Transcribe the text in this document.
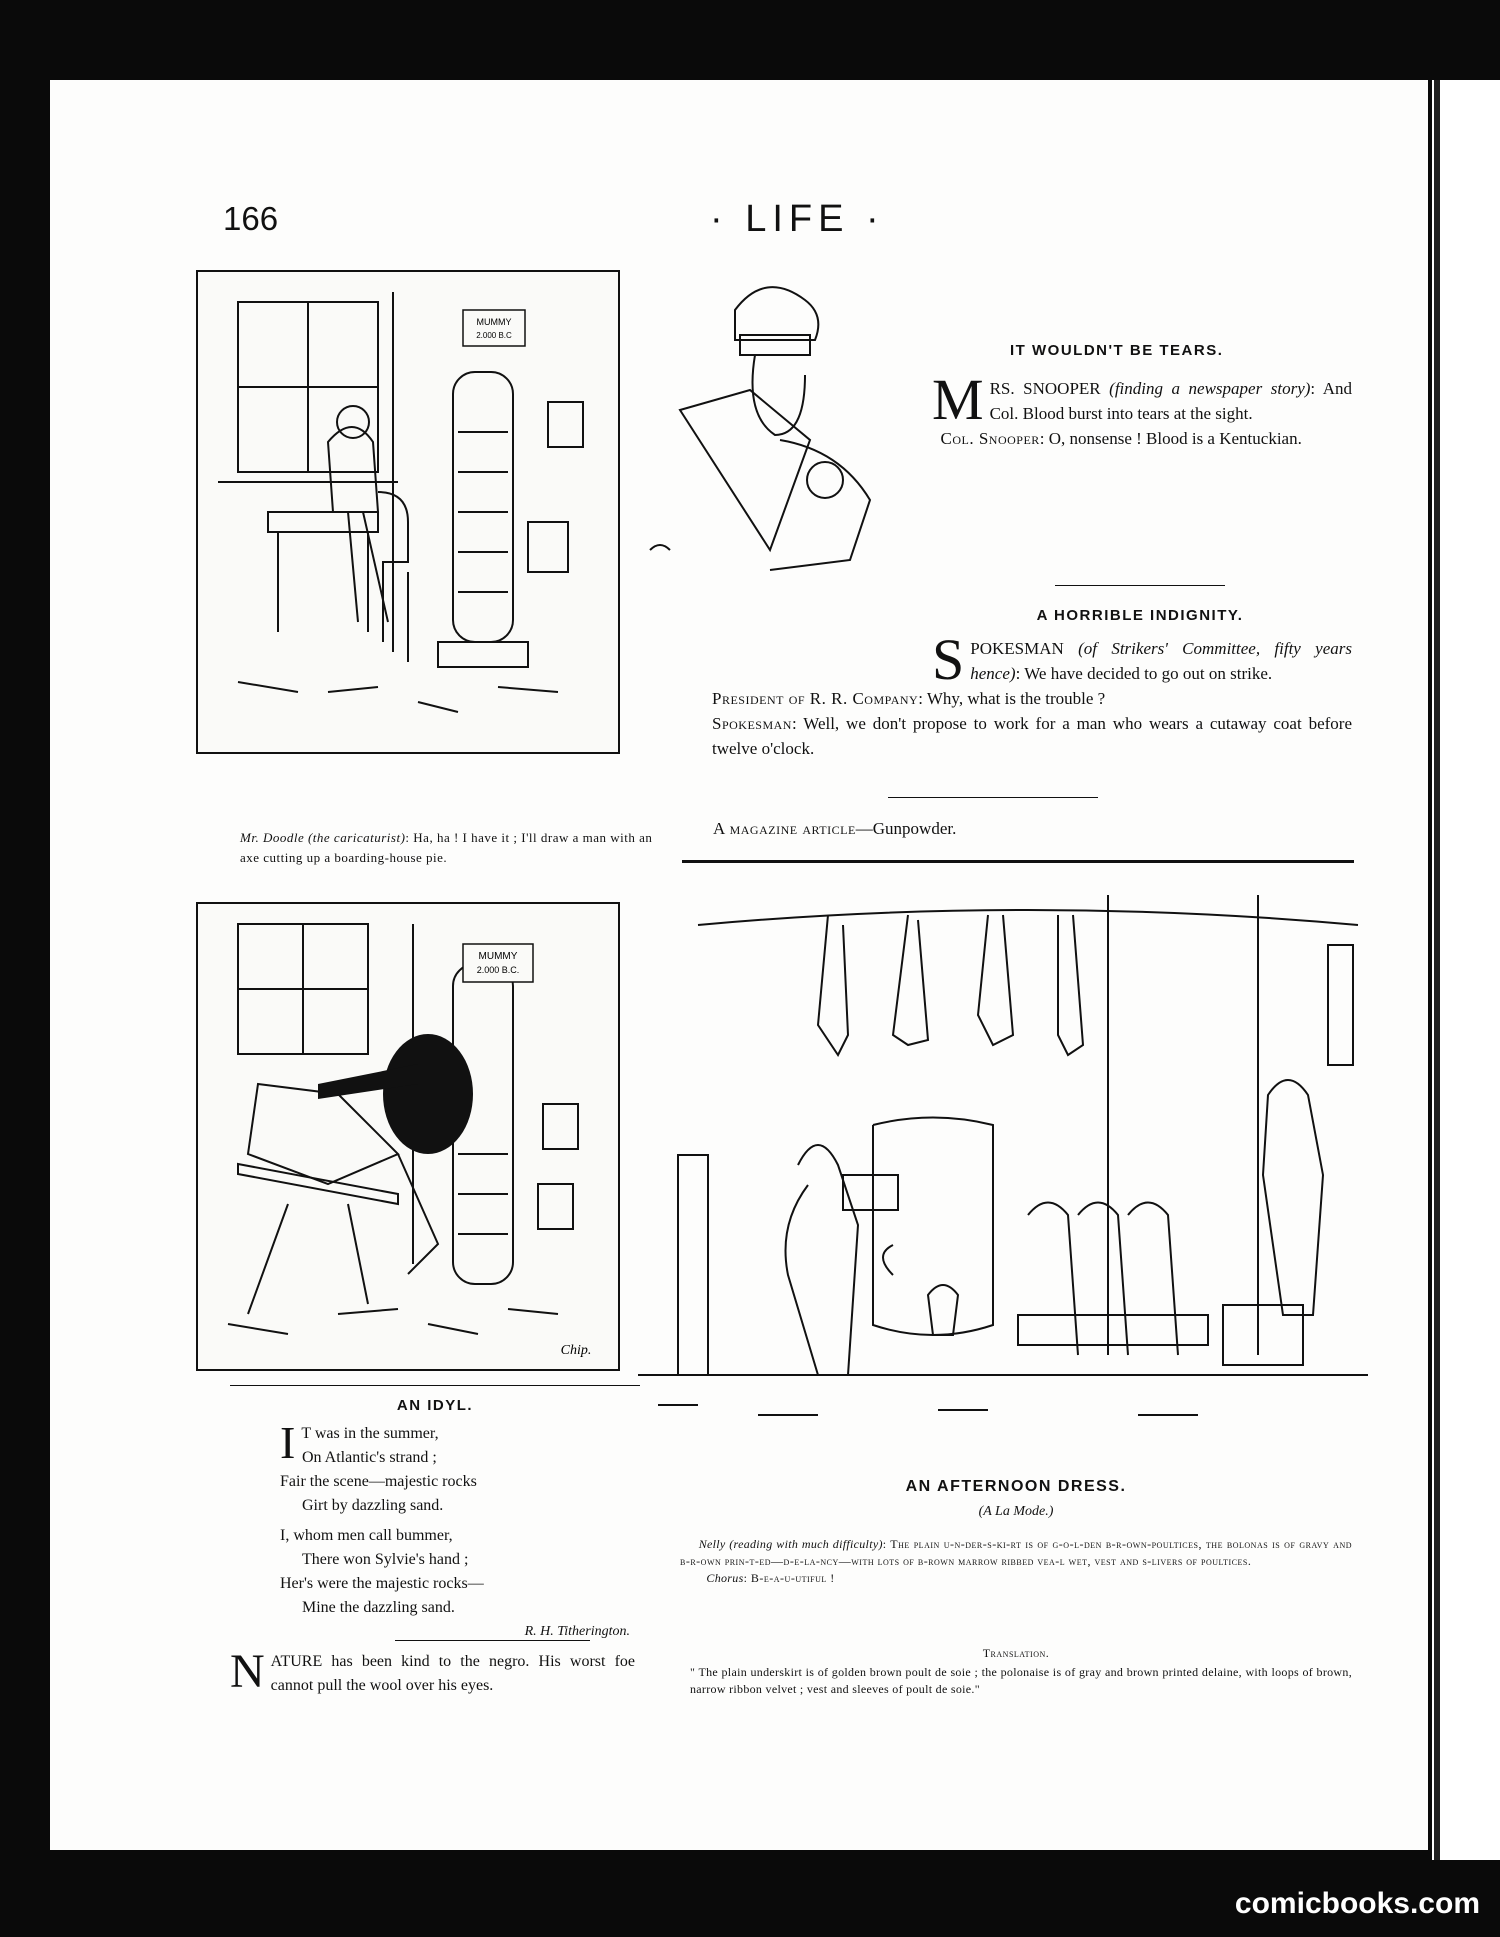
166	· LIFE ·
MUMMY
2.000 B.C
Mr. Doodle (the caricaturist): Ha, ha ! I have it ; I'll draw a man with an axe cutting up a boarding-house pie.
IT WOULDN'T BE TEARS.
MRS. SNOOPER (finding a newspaper story): And Col. Blood burst into tears at the sight.
Col. Snooper: O, nonsense ! Blood is a Kentuckian.
A HORRIBLE INDIGNITY.
SPOKESMAN (of Strikers' Committee, fifty years hence): We have decided to go out on strike.
President of R. R. Company: Why, what is the trouble ?
Spokesman: Well, we don't propose to work for a man who wears a cutaway coat before twelve o'clock.
A magazine article—Gunpowder.
MUMMY
2.000 B.C.
Chip.
AN IDYL.
I T was in the summer,
On Atlantic's strand ;
Fair the scene—majestic rocks
Girt by dazzling sand.
I, whom men call bummer,
There won Sylvie's hand ;
Her's were the majestic rocks—
Mine the dazzling sand.
R. H. Titherington.
NATURE has been kind to the negro. His worst foe cannot pull the wool over his eyes.
AN AFTERNOON DRESS.
(A La Mode.)
Nelly (reading with much difficulty): The plain u-n-der-s-ki-rt is of g-o-l-den b-r-own-poultices, the bolonas is of gravy and b-r-own prin-t-ed—d-e-la-ncy—with lots of b-rown marrow ribbed vea-l wet, vest and s-livers of poultices.
Chorus: B-e-a-u-utiful !
Translation.
" The plain underskirt is of golden brown poult de soie ; the polonaise is of gray and brown printed delaine, with loops of brown, narrow ribbon velvet ; vest and sleeves of poult de soie."
comicbooks.com
